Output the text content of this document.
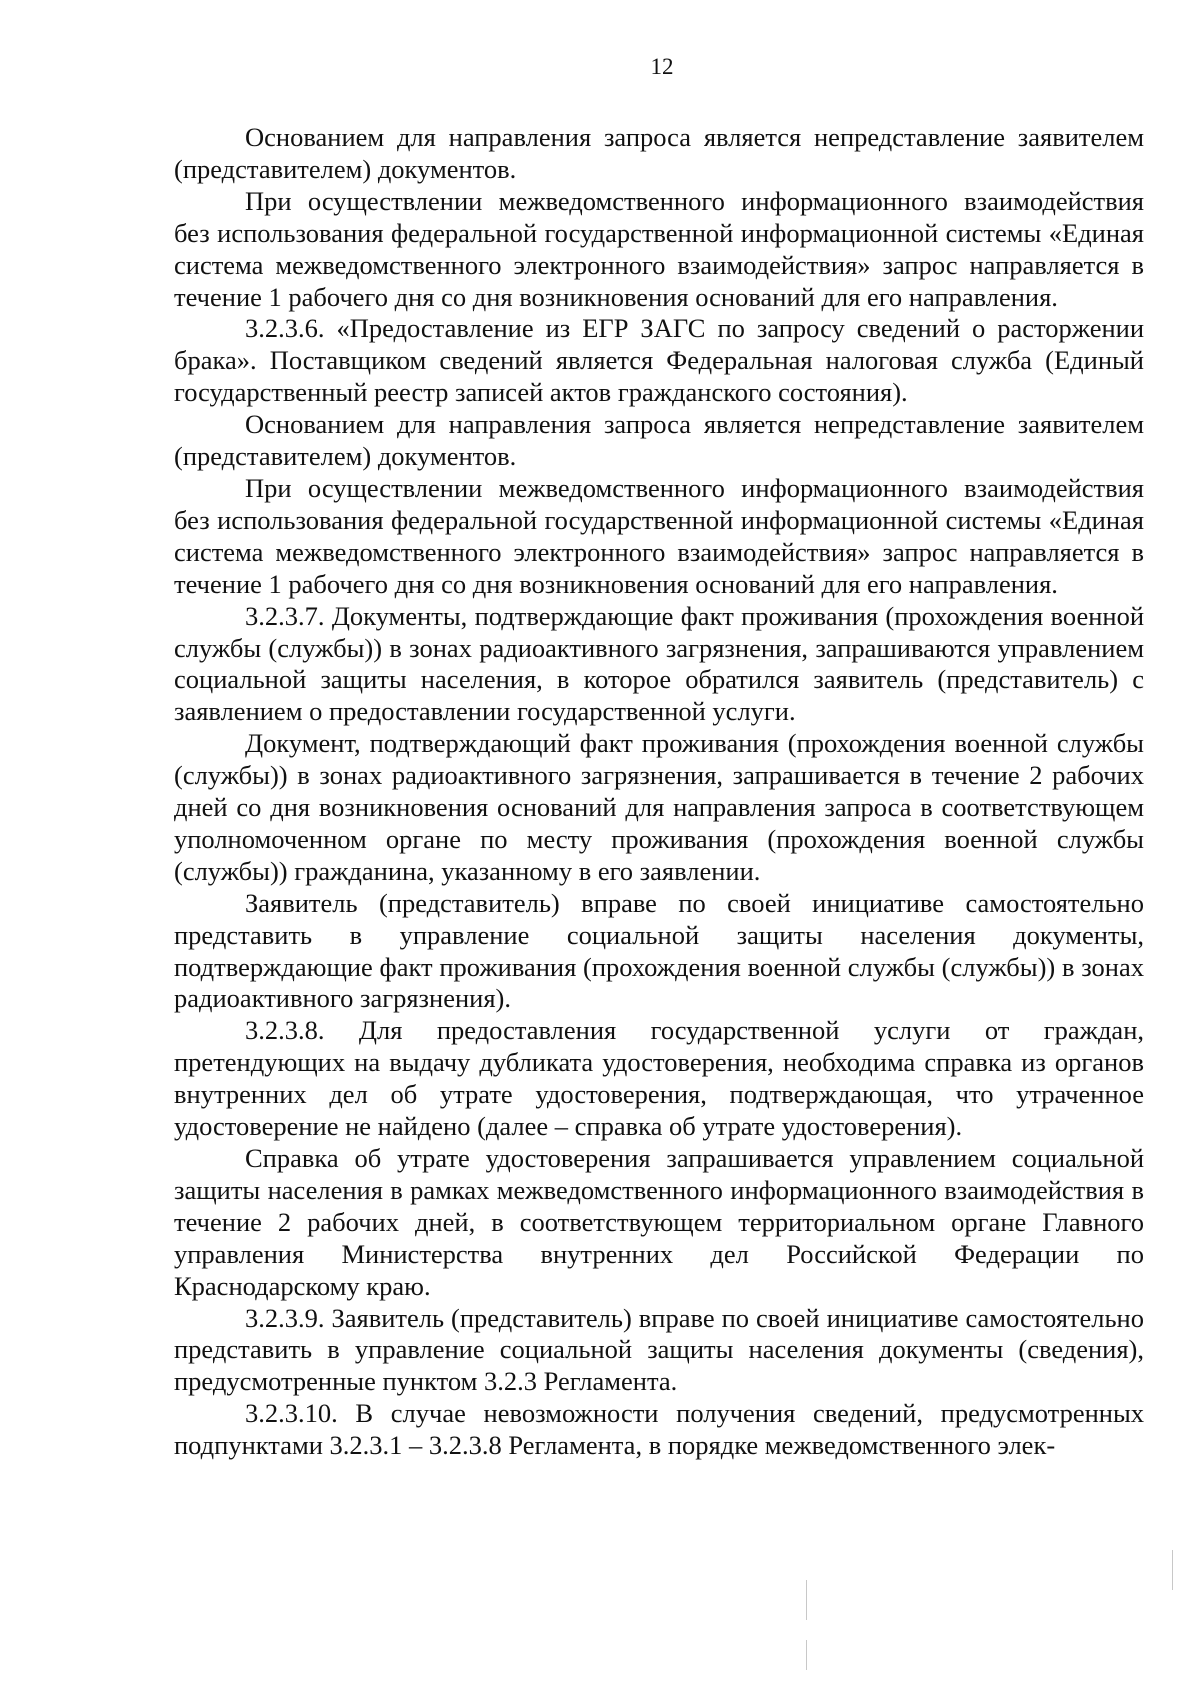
12

Основанием для направления запроса является непредставление заявителем (представителем) документов.

При осуществлении межведомственного информационного взаимодействия без использования федеральной государственной информационной системы «Единая система межведомственного электронного взаимодействия» запрос направляется в течение 1 рабочего дня со дня возникновения оснований для его направления.

3.2.3.6. «Предоставление из ЕГР ЗАГС по запросу сведений о расторжении брака». Поставщиком сведений является Федеральная налоговая служба (Единый государственный реестр записей актов гражданского состояния).

Основанием для направления запроса является непредставление заявителем (представителем) документов.

При осуществлении межведомственного информационного взаимодействия без использования федеральной государственной информационной системы «Единая система межведомственного электронного взаимодействия» запрос направляется в течение 1 рабочего дня со дня возникновения оснований для его направления.

3.2.3.7. Документы, подтверждающие факт проживания (прохождения военной службы (службы)) в зонах радиоактивного загрязнения, запрашиваются управлением социальной защиты населения, в которое обратился заявитель (представитель) с заявлением о предоставлении государственной услуги.

Документ, подтверждающий факт проживания (прохождения военной службы (службы)) в зонах радиоактивного загрязнения, запрашивается в течение 2 рабочих дней со дня возникновения оснований для направления запроса в соответствующем уполномоченном органе по месту проживания (прохождения военной службы (службы)) гражданина, указанному в его заявлении.

Заявитель (представитель) вправе по своей инициативе самостоятельно представить в управление социальной защиты населения документы, подтверждающие факт проживания (прохождения военной службы (службы)) в зонах радиоактивного загрязнения).

3.2.3.8. Для предоставления государственной услуги от граждан, претендующих на выдачу дубликата удостоверения, необходима справка из органов внутренних дел об утрате удостоверения, подтверждающая, что утраченное удостоверение не найдено (далее – справка об утрате удостоверения).

Справка об утрате удостоверения запрашивается управлением социальной защиты населения в рамках межведомственного информационного взаимодействия в течение 2 рабочих дней, в соответствующем территориальном органе Главного управления Министерства внутренних дел Российской Федерации по Краснодарскому краю.

3.2.3.9. Заявитель (представитель) вправе по своей инициативе самостоятельно представить в управление социальной защиты населения документы (сведения), предусмотренные пунктом 3.2.3 Регламента.

3.2.3.10. В случае невозможности получения сведений, предусмотренных подпунктами 3.2.3.1 – 3.2.3.8 Регламента, в порядке межведомственного элек-
